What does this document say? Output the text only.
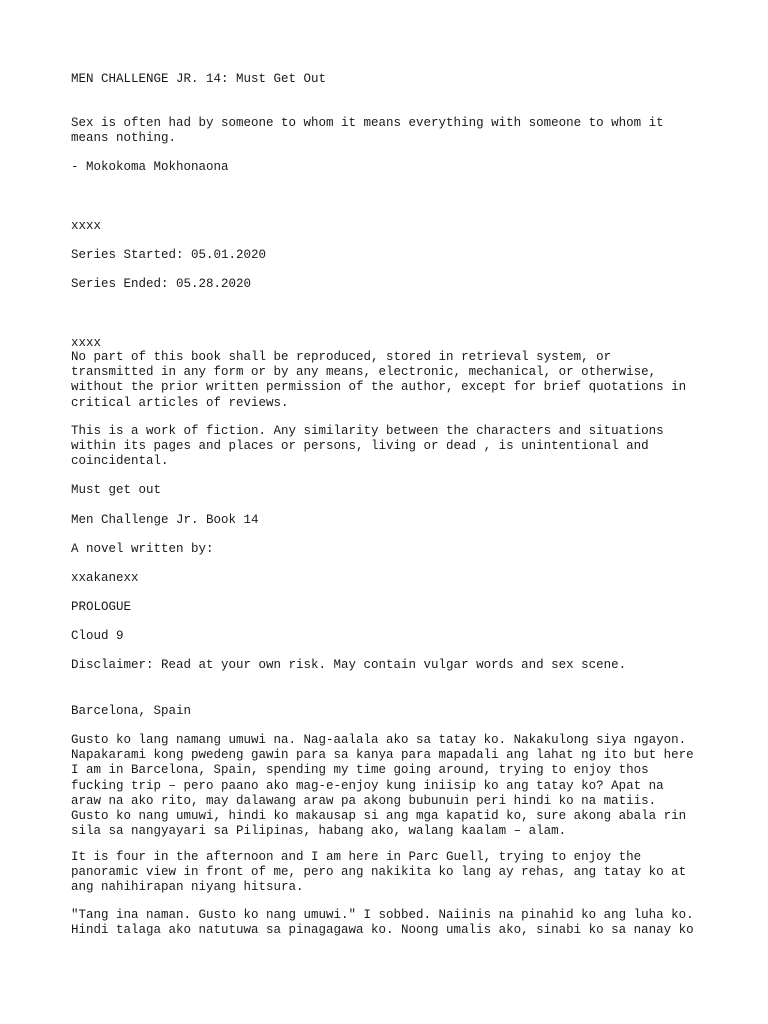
MEN CHALLENGE JR. 14: Must Get Out
Sex is often had by someone to whom it means everything with someone to whom it
means nothing.
- Mokokoma Mokhonaona
xxxx
Series Started: 05.01.2020
Series Ended: 05.28.2020
xxxx
No part of this book shall be reproduced, stored in retrieval system, or
transmitted in any form or by any means, electronic, mechanical, or otherwise,
without the prior written permission of the author, except for brief quotations in
critical articles of reviews.
This is a work of fiction. Any similarity between the characters and situations
within its pages and places or persons, living or dead , is unintentional and
coincidental.
Must get out
Men Challenge Jr. Book 14
A novel written by:
xxakanexx
PROLOGUE
Cloud 9
Disclaimer: Read at your own risk. May contain vulgar words and sex scene.
Barcelona, Spain
Gusto ko lang namang umuwi na. Nag-aalala ako sa tatay ko. Nakakulong siya ngayon.
Napakarami kong pwedeng gawin para sa kanya para mapadali ang lahat ng ito but here
I am in Barcelona, Spain, spending my time going around, trying to enjoy thos
fucking trip – pero paano ako mag-e-enjoy kung iniisip ko ang tatay ko? Apat na
araw na ako rito, may dalawang araw pa akong bubunuin peri hindi ko na matiis.
Gusto ko nang umuwi, hindi ko makausap si ang mga kapatid ko, sure akong abala rin
sila sa nangyayari sa Pilipinas, habang ako, walang kaalam – alam.
It is four in the afternoon and I am here in Parc Guell, trying to enjoy the
panoramic view in front of me, pero ang nakikita ko lang ay rehas, ang tatay ko at
ang nahihirapan niyang hitsura.
"Tang ina naman. Gusto ko nang umuwi." I sobbed. Naiinis na pinahid ko ang luha ko.
Hindi talaga ako natutuwa sa pinagagawa ko. Noong umalis ako, sinabi ko sa nanay ko
